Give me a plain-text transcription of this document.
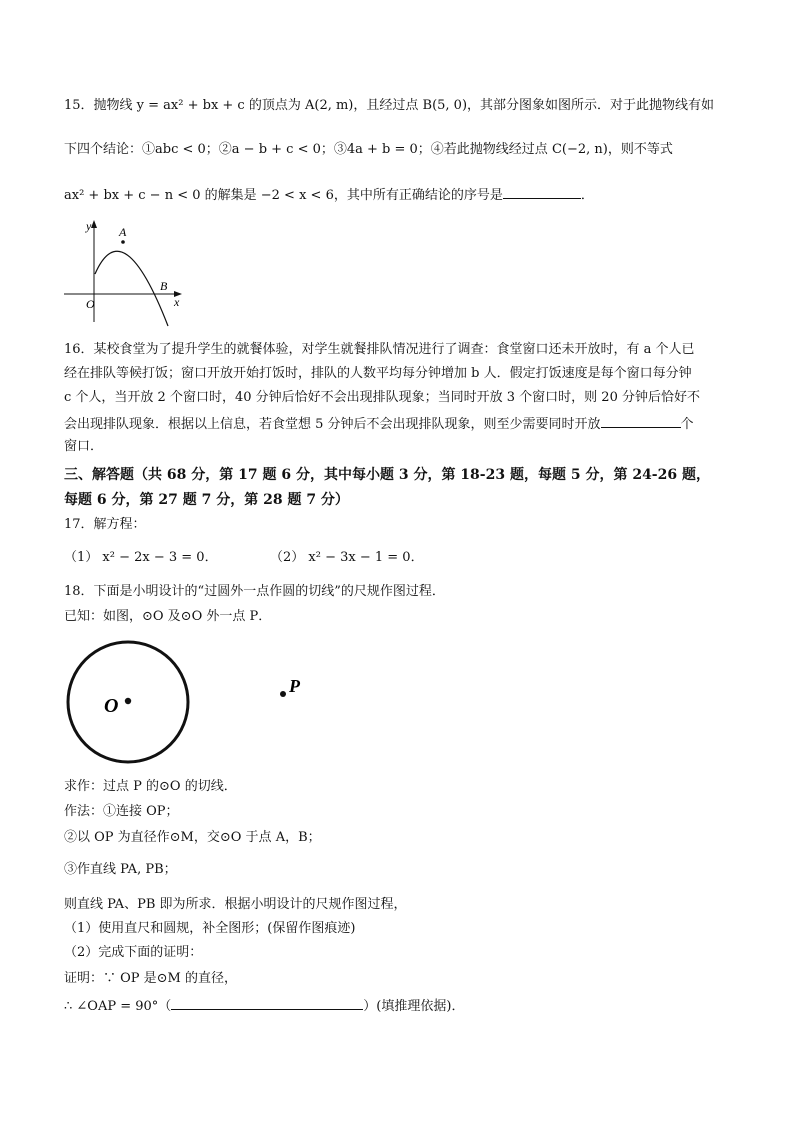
15．抛物线 y = ax² + bx + c 的顶点为 A(2, m)，且经过点 B(5, 0)，其部分图象如图所示．对于此抛物线有如
下四个结论：①abc < 0；②a − b + c < 0；③4a + b = 0；④若此抛物线经过点 C(−2, n)，则不等式
ax² + bx + c − n < 0 的解集是 −2 < x < 6，其中所有正确结论的序号是	．
y A
B
O	x
16．某校食堂为了提升学生的就餐体验，对学生就餐排队情况进行了调查：食堂窗口还未开放时，有 a 个人已
经在排队等候打饭；窗口开放开始打饭时，排队的人数平均每分钟增加 b 人．假定打饭速度是每个窗口每分钟
c 个人，当开放 2 个窗口时，40 分钟后恰好不会出现排队现象；当同时开放 3 个窗口时，则 20 分钟后恰好不
会出现排队现象．根据以上信息，若食堂想 5 分钟后不会出现排队现象，则至少需要同时开放	个
窗口．
三、解答题（共 68 分，第 17 题 6 分，其中每小题 3 分，第 18-23 题，每题 5 分，第 24-26 题，
每题 6 分，第 27 题 7 分，第 28 题 7 分）
17．解方程：
（1） x² − 2x − 3 = 0．	（2） x² − 3x − 1 = 0．
18．下面是小明设计的“过圆外一点作圆的切线”的尺规作图过程．
已知：如图，⊙O 及⊙O 外一点 P．
O
P
求作：过点 P 的⊙O 的切线．
作法：①连接 OP；
②以 OP 为直径作⊙M，交⊙O 于点 A，B；
③作直线 PA, PB；
则直线 PA、PB 即为所求．根据小明设计的尺规作图过程，
（1）使用直尺和圆规，补全图形；(保留作图痕迹)
（2）完成下面的证明：
证明：∵ OP 是⊙M 的直径，
∴ ∠OAP = 90°（	）(填推理依据)．
